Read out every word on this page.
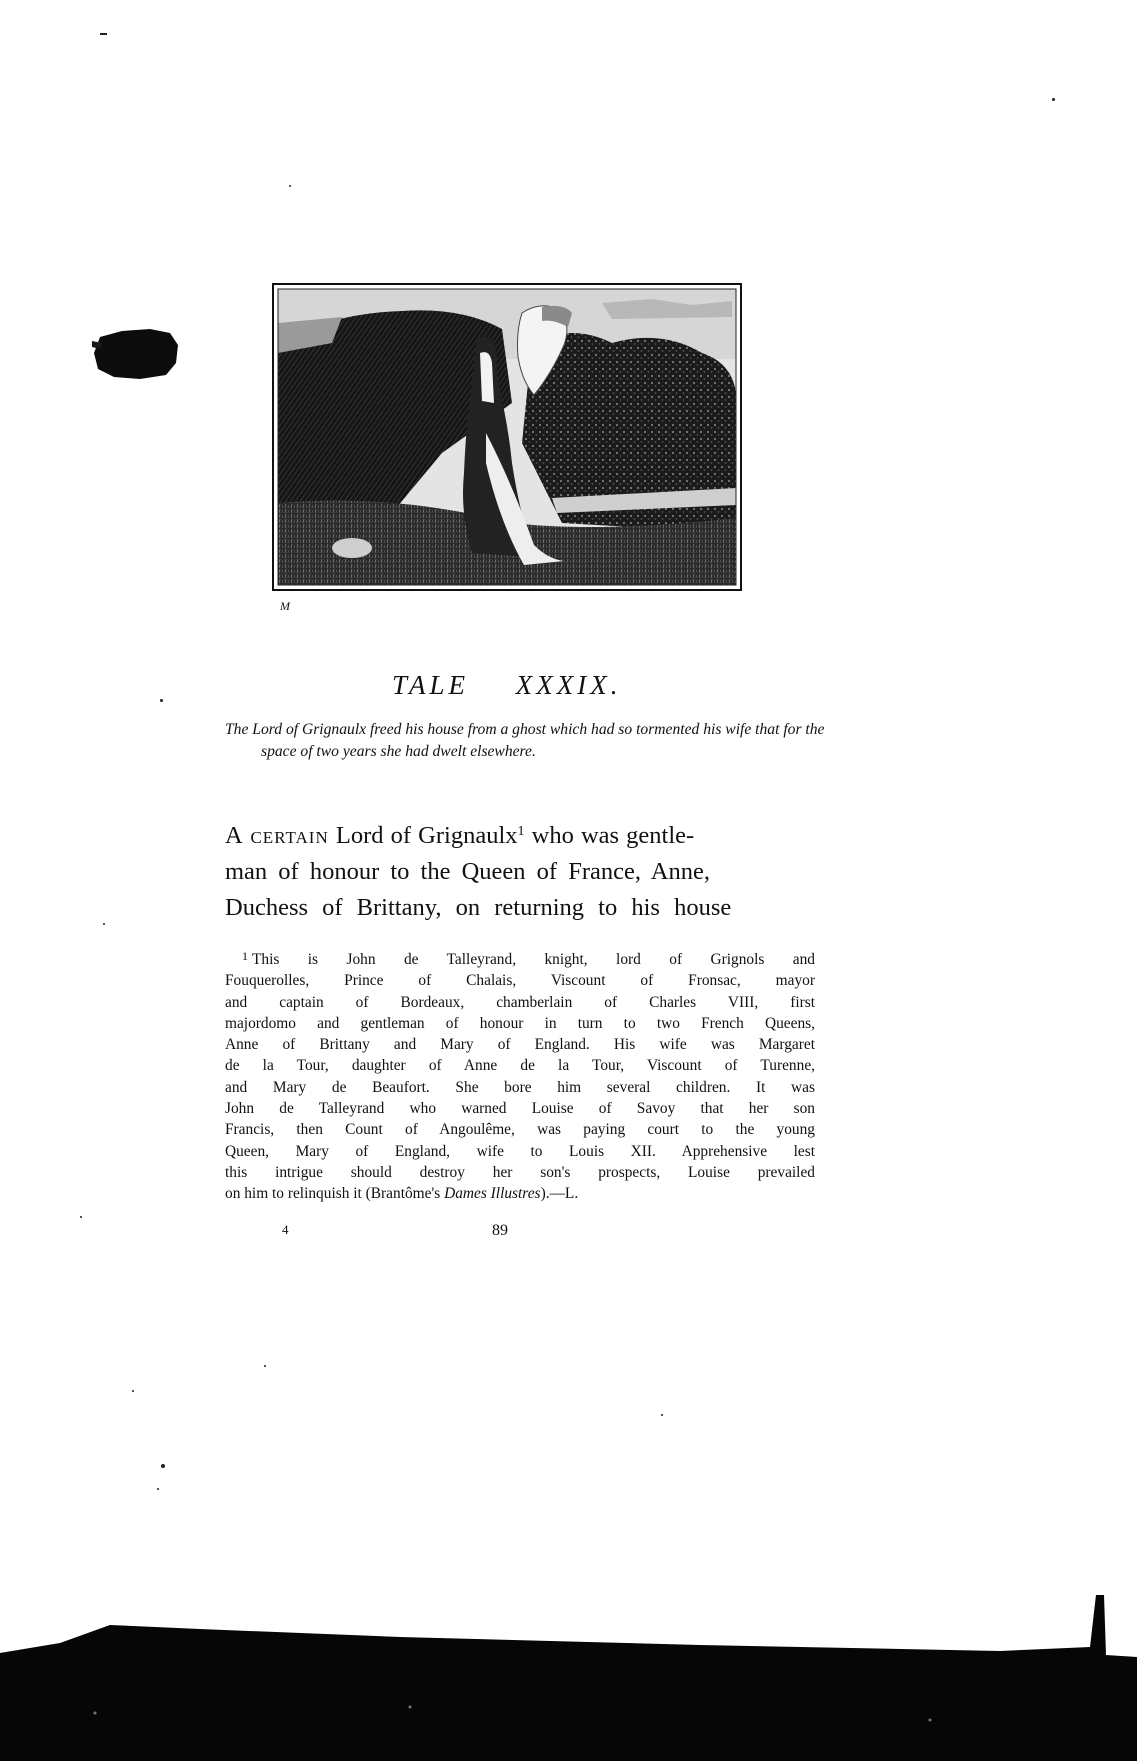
M
TALE XXXIX.

The Lord of Grignaulx freed his house from a ghost which had so tormented his wife that for the space of two years she had dwelt elsewhere.

A certain Lord of Grignaulx$^1$ who was gentle-
man of honour to the Queen of France, Anne,
Duchess of Brittany, on returning to his house
$^1$ This is John de Talleyrand, knight, lord of Grignols and
Fouquerolles, Prince of Chalais, Viscount of Fronsac, mayor
and captain of Bordeaux, chamberlain of Charles VIII, first
majordomo and gentleman of honour in turn to two French Queens,
Anne of Brittany and Mary of England. His wife was Margaret
de la Tour, daughter of Anne de la Tour, Viscount of Turenne,
and Mary de Beaufort. She bore him several children. It was
John de Talleyrand who warned Louise of Savoy that her son
Francis, then Count of Angoulême, was paying court to the young
Queen, Mary of England, wife to Louis XII. Apprehensive lest
this intrigue should destroy her son's prospects, Louise prevailed
on him to relinquish it (Brantôme's Dames Illustres).—L.
4	89
